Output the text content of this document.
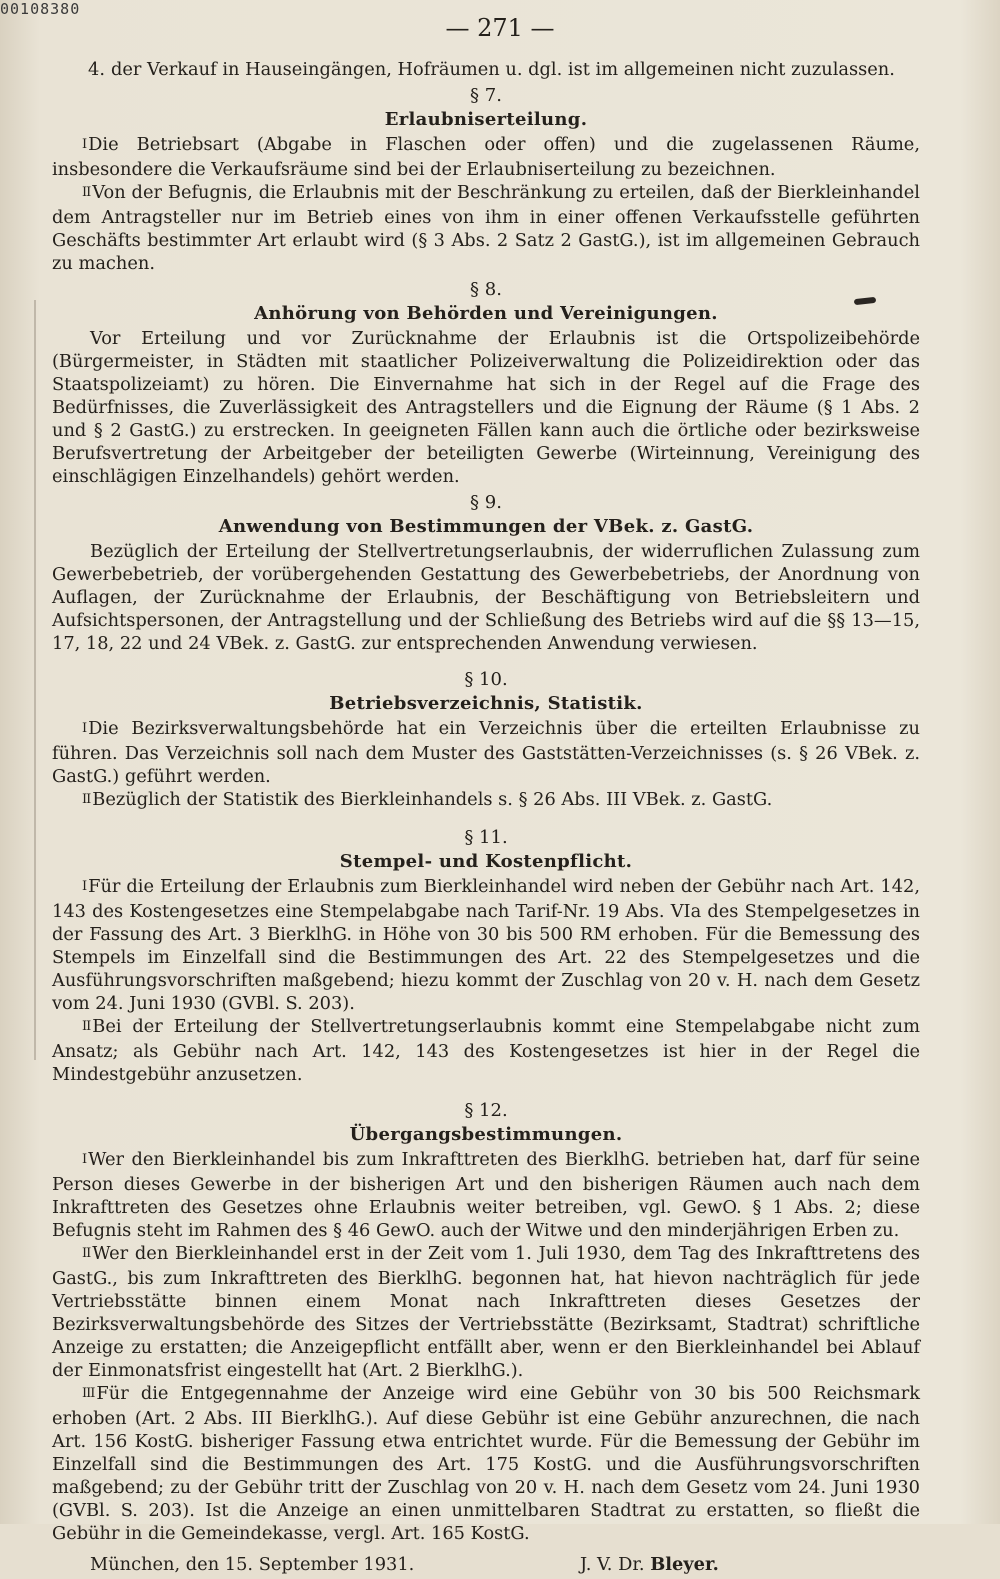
00108380
— 271 —

4. der Verkauf in Hauseingängen, Hofräumen u. dgl. ist im allgemeinen nicht zuzulassen.

§ 7.
Erlaubniserteilung.

I Die Betriebsart (Abgabe in Flaschen oder offen) und die zugelassenen Räume, insbesondere die Verkaufsräume sind bei der Erlaubniserteilung zu bezeichnen.

II Von der Befugnis, die Erlaubnis mit der Beschränkung zu erteilen, daß der Bierkleinhandel dem Antragsteller nur im Betrieb eines von ihm in einer offenen Verkaufsstelle geführten Geschäfts bestimmter Art erlaubt wird (§ 3 Abs. 2 Satz 2 GastG.), ist im allgemeinen Gebrauch zu machen.

§ 8.
Anhörung von Behörden und Vereinigungen.

Vor Erteilung und vor Zurücknahme der Erlaubnis ist die Ortspolizeibehörde (Bürgermeister, in Städten mit staatlicher Polizeiverwaltung die Polizeidirektion oder das Staatspolizeiamt) zu hören. Die Einvernahme hat sich in der Regel auf die Frage des Bedürfnisses, die Zuverlässigkeit des Antragstellers und die Eignung der Räume (§ 1 Abs. 2 und § 2 GastG.) zu erstrecken. In geeigneten Fällen kann auch die örtliche oder bezirksweise Berufsvertretung der Arbeitgeber der beteiligten Gewerbe (Wirteinnung, Vereinigung des einschlägigen Einzelhandels) gehört werden.

§ 9.
Anwendung von Bestimmungen der VBek. z. GastG.

Bezüglich der Erteilung der Stellvertretungserlaubnis, der widerruflichen Zulassung zum Gewerbebetrieb, der vorübergehenden Gestattung des Gewerbebetriebs, der Anordnung von Auflagen, der Zurücknahme der Erlaubnis, der Beschäftigung von Betriebsleitern und Aufsichtspersonen, der Antragstellung und der Schließung des Betriebs wird auf die §§ 13—15, 17, 18, 22 und 24 VBek. z. GastG. zur entsprechenden Anwendung verwiesen.

§ 10.
Betriebsverzeichnis, Statistik.

I Die Bezirksverwaltungsbehörde hat ein Verzeichnis über die erteilten Erlaubnisse zu führen. Das Verzeichnis soll nach dem Muster des Gaststätten-Verzeichnisses (s. § 26 VBek. z. GastG.) geführt werden.

II Bezüglich der Statistik des Bierkleinhandels s. § 26 Abs. III VBek. z. GastG.

§ 11.
Stempel- und Kostenpflicht.

I Für die Erteilung der Erlaubnis zum Bierkleinhandel wird neben der Gebühr nach Art. 142, 143 des Kostengesetzes eine Stempelabgabe nach Tarif-Nr. 19 Abs. VIa des Stempelgesetzes in der Fassung des Art. 3 BierklhG. in Höhe von 30 bis 500 RM erhoben. Für die Bemessung des Stempels im Einzelfall sind die Bestimmungen des Art. 22 des Stempelgesetzes und die Ausführungsvorschriften maßgebend; hiezu kommt der Zuschlag von 20 v. H. nach dem Gesetz vom 24. Juni 1930 (GVBl. S. 203).

II Bei der Erteilung der Stellvertretungserlaubnis kommt eine Stempelabgabe nicht zum Ansatz; als Gebühr nach Art. 142, 143 des Kostengesetzes ist hier in der Regel die Mindestgebühr anzusetzen.

§ 12.
Übergangsbestimmungen.

I Wer den Bierkleinhandel bis zum Inkrafttreten des BierklhG. betrieben hat, darf für seine Person dieses Gewerbe in der bisherigen Art und den bisherigen Räumen auch nach dem Inkrafttreten des Gesetzes ohne Erlaubnis weiter betreiben, vgl. GewO. § 1 Abs. 2; diese Befugnis steht im Rahmen des § 46 GewO. auch der Witwe und den minderjährigen Erben zu.

II Wer den Bierkleinhandel erst in der Zeit vom 1. Juli 1930, dem Tag des Inkrafttretens des GastG., bis zum Inkrafttreten des BierklhG. begonnen hat, hat hievon nachträglich für jede Vertriebsstätte binnen einem Monat nach Inkrafttreten dieses Gesetzes der Bezirksverwaltungsbehörde des Sitzes der Vertriebsstätte (Bezirksamt, Stadtrat) schriftliche Anzeige zu erstatten; die Anzeigepflicht entfällt aber, wenn er den Bierkleinhandel bei Ablauf der Einmonatsfrist eingestellt hat (Art. 2 BierklhG.).

III Für die Entgegennahme der Anzeige wird eine Gebühr von 30 bis 500 Reichsmark erhoben (Art. 2 Abs. III BierklhG.). Auf diese Gebühr ist eine Gebühr anzurechnen, die nach Art. 156 KostG. bisheriger Fassung etwa entrichtet wurde. Für die Bemessung der Gebühr im Einzelfall sind die Bestimmungen des Art. 175 KostG. und die Ausführungsvorschriften maßgebend; zu der Gebühr tritt der Zuschlag von 20 v. H. nach dem Gesetz vom 24. Juni 1930 (GVBl. S. 203). Ist die Anzeige an einen unmittelbaren Stadtrat zu erstatten, so fließt die Gebühr in die Gemeindekasse, vergl. Art. 165 KostG.

München, den 15. September 1931.	J. V. Dr. Bleyer.
